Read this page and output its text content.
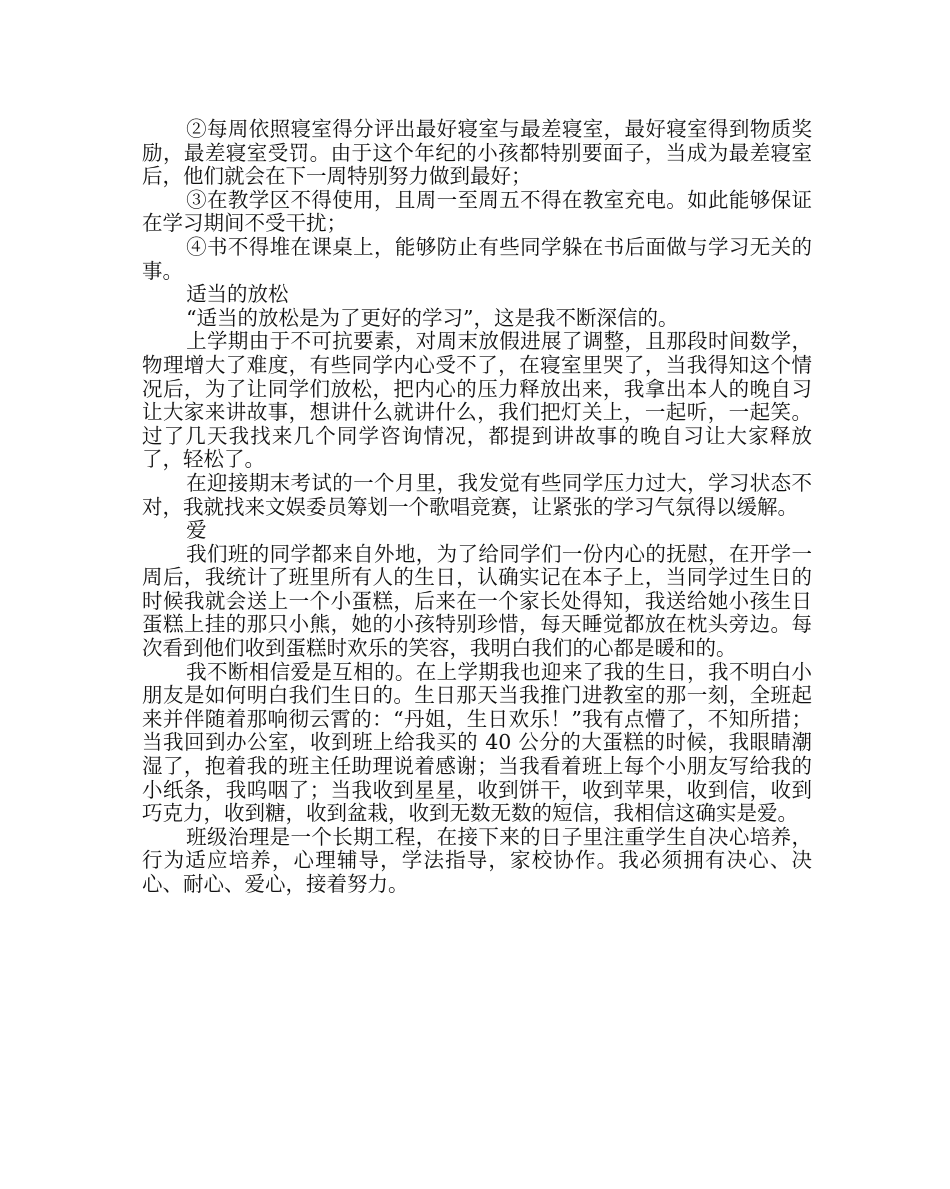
②每周依照寝室得分评出最好寝室与最差寝室，最好寝室得到物质奖励，最差寝室受罚。由于这个年纪的小孩都特别要面子，当成为最差寝室后，他们就会在下一周特别努力做到最好；

③在教学区不得使用，且周一至周五不得在教室充电。如此能够保证在学习期间不受干扰；

④书不得堆在课桌上，能够防止有些同学躲在书后面做与学习无关的事。

适当的放松

“适当的放松是为了更好的学习”，这是我不断深信的。

上学期由于不可抗要素，对周末放假进展了调整，且那段时间数学，物理增大了难度，有些同学内心受不了，在寝室里哭了，当我得知这个情况后，为了让同学们放松，把内心的压力释放出来，我拿出本人的晚自习让大家来讲故事，想讲什么就讲什么，我们把灯关上，一起听，一起笑。过了几天我找来几个同学咨询情况，都提到讲故事的晚自习让大家释放了，轻松了。

在迎接期末考试的一个月里，我发觉有些同学压力过大，学习状态不对，我就找来文娱委员筹划一个歌唱竞赛，让紧张的学习气氛得以缓解。

爱

我们班的同学都来自外地，为了给同学们一份内心的抚慰，在开学一周后，我统计了班里所有人的生日，认确实记在本子上，当同学过生日的时候我就会送上一个小蛋糕，后来在一个家长处得知，我送给她小孩生日蛋糕上挂的那只小熊，她的小孩特别珍惜，每天睡觉都放在枕头旁边。每次看到他们收到蛋糕时欢乐的笑容，我明白我们的心都是暖和的。

我不断相信爱是互相的。在上学期我也迎来了我的生日，我不明白小朋友是如何明白我们生日的。生日那天当我推门进教室的那一刻，全班起来并伴随着那响彻云霄的：“丹姐，生日欢乐！”我有点懵了，不知所措；当我回到办公室，收到班上给我买的 40 公分的大蛋糕的时候，我眼睛潮湿了，抱着我的班主任助理说着感谢；当我看着班上每个小朋友写给我的小纸条，我呜咽了；当我收到星星，收到饼干，收到苹果，收到信，收到巧克力，收到糖，收到盆栽，收到无数无数的短信，我相信这确实是爱。

班级治理是一个长期工程，在接下来的日子里注重学生自决心培养，行为适应培养，心理辅导，学法指导，家校协作。我必须拥有决心、决心、耐心、爱心，接着努力。
